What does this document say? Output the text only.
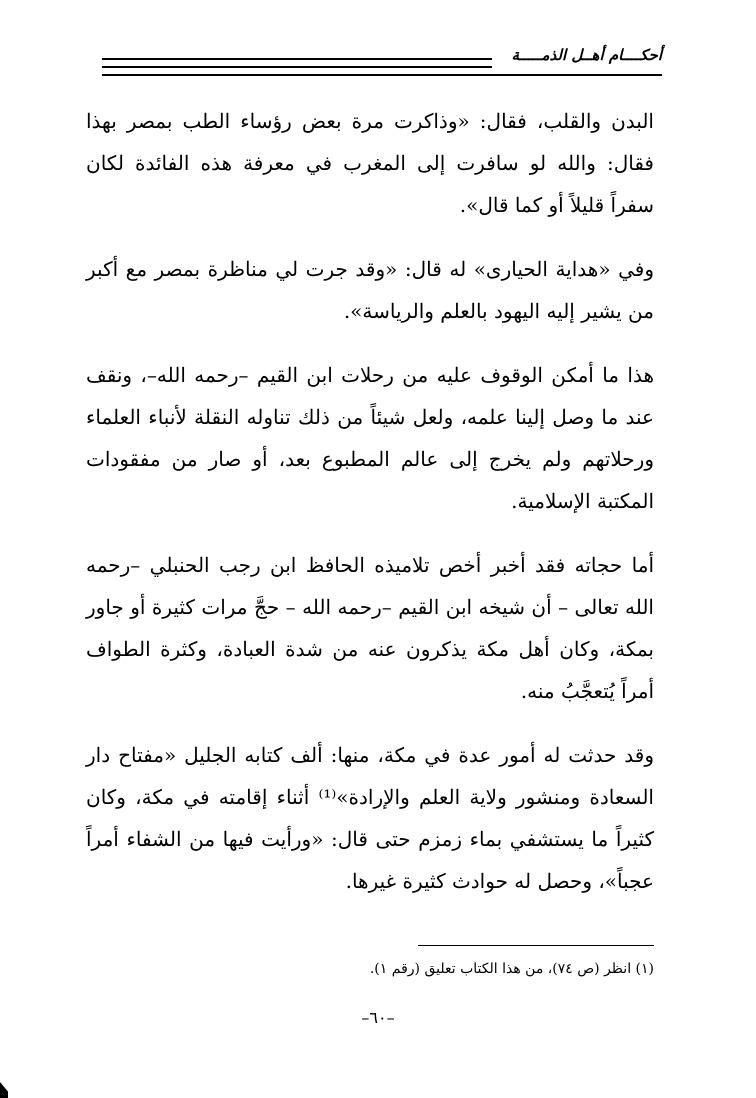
أحكــــام أهــل الذمـــــة

البدن والقلب، فقال: «وذاكرت مرة بعض رؤساء الطب بمصر بهذا فقال: والله لو سافرت إلى المغرب في معرفة هذه الفائدة لكان سفراً قليلاً أو كما قال».

وفي «هداية الحيارى» له قال: «وقد جرت لي مناظرة بمصر مع أكبر من يشير إليه اليهود بالعلم والرياسة».

هذا ما أمكن الوقوف عليه من رحلات ابن القيم –رحمه الله–، ونقف عند ما وصل إلينا علمه، ولعل شيئاً من ذلك تناوله النقلة لأنباء العلماء ورحلاتهم ولم يخرج إلى عالم المطبوع بعد، أو صار من مفقودات المكتبة الإسلامية.

أما حجاته فقد أخبر أخص تلاميذه الحافظ ابن رجب الحنبلي –رحمه الله تعالى – أن شيخه ابن القيم –رحمه الله – حجَّ مرات كثيرة أو جاور بمكة، وكان أهل مكة يذكرون عنه من شدة العبادة، وكثرة الطواف أمراً يُتعجَّبُ منه.

وقد حدثت له أمور عدة في مكة، منها: ألف كتابه الجليل «مفتاح دار السعادة ومنشور ولاية العلم والإرادة»⁽¹⁾ أثناء إقامته في مكة، وكان كثيراً ما يستشفي بماء زمزم حتى قال: «ورأيت فيها من الشفاء أمراً عجباً»، وحصل له حوادث كثيرة غيرها.

(١) انظر (ص ٧٤)، من هذا الكتاب تعليق (رقم ١).
–٦٠–
